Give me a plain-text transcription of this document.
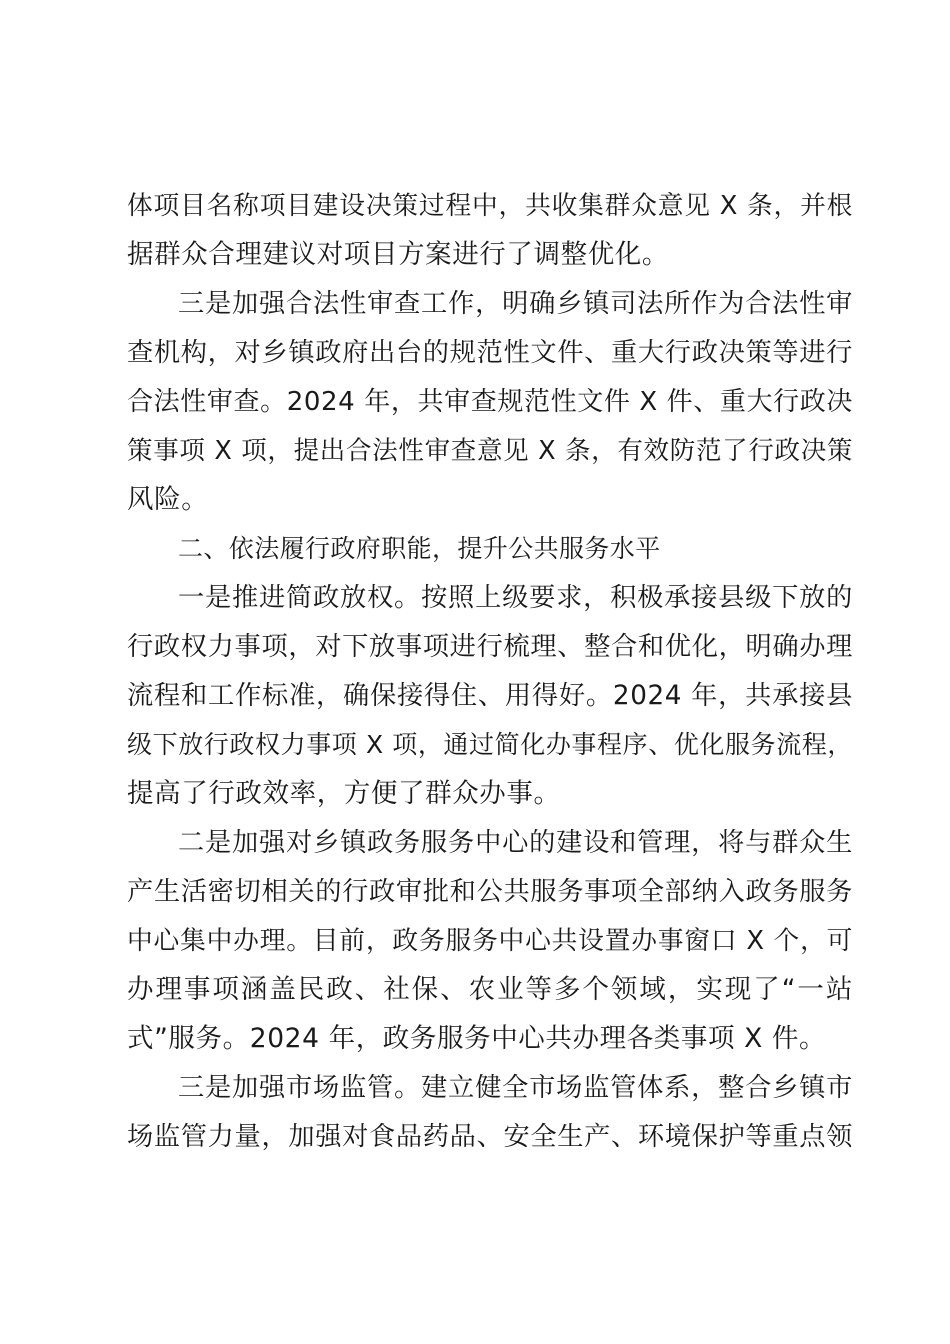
体项目名称项目建设决策过程中，共收集群众意见 X 条，并根
据群众合理建议对项目方案进行了调整优化。
三是加强合法性审查工作，明确乡镇司法所作为合法性审
查机构，对乡镇政府出台的规范性文件、重大行政决策等进行
合法性审查。2024 年，共审查规范性文件 X 件、重大行政决
策事项 X 项，提出合法性审查意见 X 条，有效防范了行政决策
风险。
二、依法履行政府职能，提升公共服务水平
一是推进简政放权。按照上级要求，积极承接县级下放的
行政权力事项，对下放事项进行梳理、整合和优化，明确办理
流程和工作标准，确保接得住、用得好。2024 年，共承接县
级下放行政权力事项 X 项，通过简化办事程序、优化服务流程，
提高了行政效率，方便了群众办事。
二是加强对乡镇政务服务中心的建设和管理，将与群众生
产生活密切相关的行政审批和公共服务事项全部纳入政务服务
中心集中办理。目前，政务服务中心共设置办事窗口 X 个，可
办理事项涵盖民政、社保、农业等多个领域，实现了“一站
式”服务。2024 年，政务服务中心共办理各类事项 X 件。
三是加强市场监管。建立健全市场监管体系，整合乡镇市
场监管力量，加强对食品药品、安全生产、环境保护等重点领
